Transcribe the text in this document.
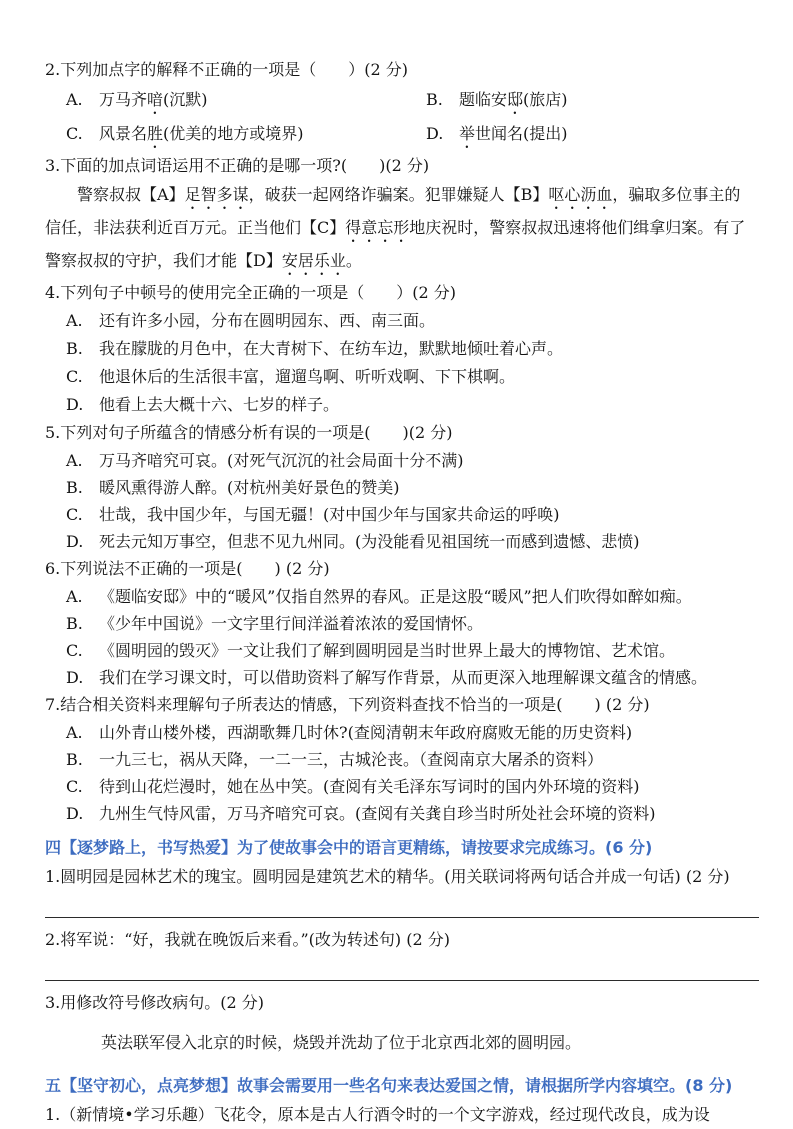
2.下列加点字的解释不正确的一项是（　　）(2 分)
A.	万马齐喑(沉默)	B.	题临安邸(旅店)
C.	风景名胜(优美的地方或境界)	D. 举世闻名(提出)
3.下面的加点词语运用不正确的是哪一项?(　　)(2 分)
警察叔叔【A】足智多谋，破获一起网络诈骗案。犯罪嫌疑人【B】呕心沥血，骗取多位事主的
信任，非法获利近百万元。正当他们【C】得意忘形地庆祝时，警察叔叔迅速将他们缉拿归案。有了
警察叔叔的守护，我们才能【D】安居乐业。
4.下列句子中顿号的使用完全正确的一项是（　　）(2 分)
A.	还有许多小园，分布在圆明园东、西、南三面。
B.	我在朦胧的月色中，在大青树下、在纺车边，默默地倾吐着心声。
C.	他退休后的生活很丰富，遛遛鸟啊、听听戏啊、下下棋啊。
D. 他看上去大概十六、七岁的样子。
5.下列对句子所蕴含的情感分析有误的一项是(　　)(2 分)
A.	万马齐喑究可哀。(对死气沉沉的社会局面十分不满)
B.	暖风熏得游人醉。(对杭州美好景色的赞美)
C.	壮哉，我中国少年，与国无疆！(对中国少年与国家共命运的呼唤)
D. 死去元知万事空，但悲不见九州同。(为没能看见祖国统一而感到遗憾、悲愤)
6.下列说法不正确的一项是(　　) (2 分)
A.	《题临安邸》中的“暖风”仅指自然界的春风。正是这股“暖风”把人们吹得如醉如痴。
B.	《少年中国说》一文字里行间洋溢着浓浓的爱国情怀。
C.	《圆明园的毁灭》一文让我们了解到圆明园是当时世界上最大的博物馆、艺术馆。
D. 我们在学习课文时，可以借助资料了解写作背景，从而更深入地理解课文蕴含的情感。
7.结合相关资料来理解句子所表达的情感，下列资料查找不恰当的一项是(　　) (2 分)
A.	山外青山楼外楼，西湖歌舞几时休?(查阅清朝末年政府腐败无能的历史资料)
B.	一九三七，祸从天降，一二一三，古城沦丧。（查阅南京大屠杀的资料）
C.	待到山花烂漫时，她在丛中笑。(查阅有关毛泽东写词时的国内外环境的资料)
D. 九州生气恃风雷，万马齐喑究可哀。(查阅有关龚自珍当时所处社会环境的资料)
四【逐梦路上，书写热爱】为了使故事会中的语言更精练，请按要求完成练习。(6 分)
1.圆明园是园林艺术的瑰宝。圆明园是建筑艺术的精华。(用关联词将两句话合并成一句话) (2 分)
2.将军说：“好，我就在晚饭后来看。”(改为转述句) (2 分)
3.用修改符号修改病句。(2 分)
英法联军侵入北京的时候，烧毁并洗劫了位于北京西北郊的圆明园。
五【坚守初心，点亮梦想】故事会需要用一些名句来表达爱国之情，请根据所学内容填空。(8 分)
1.（新情境•学习乐趣）飞花令，原本是古人行酒令时的一个文字游戏，经过现代改良，成为设
